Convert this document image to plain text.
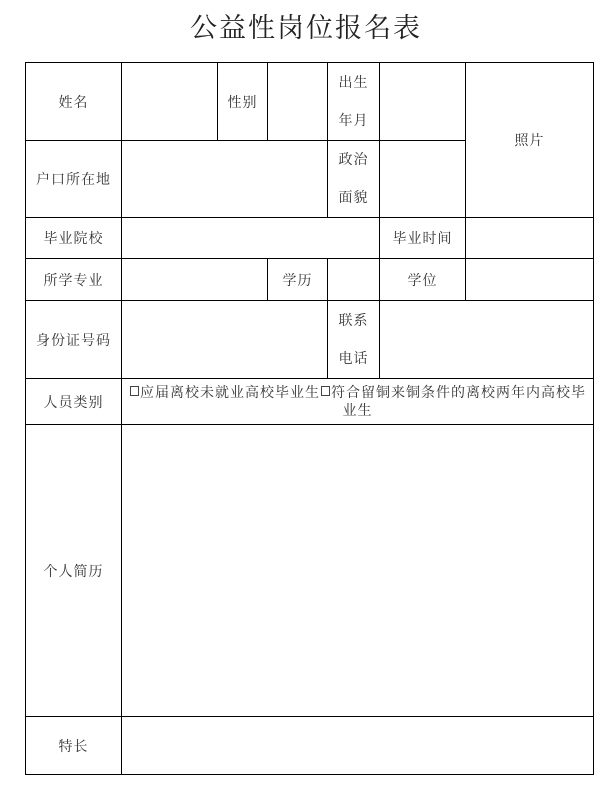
公益性岗位报名表
姓名		性别		出生
年月		照片
户口所在地				政治
面貌		

毕业院校					毕业时间	
所学专业			学历		学位	
身份证号码				联系
电话		

人员类别	应届离校未就业高校毕业生 符合留铜来铜条件的离校两年内高校毕业生					
个人简历						
特长						
